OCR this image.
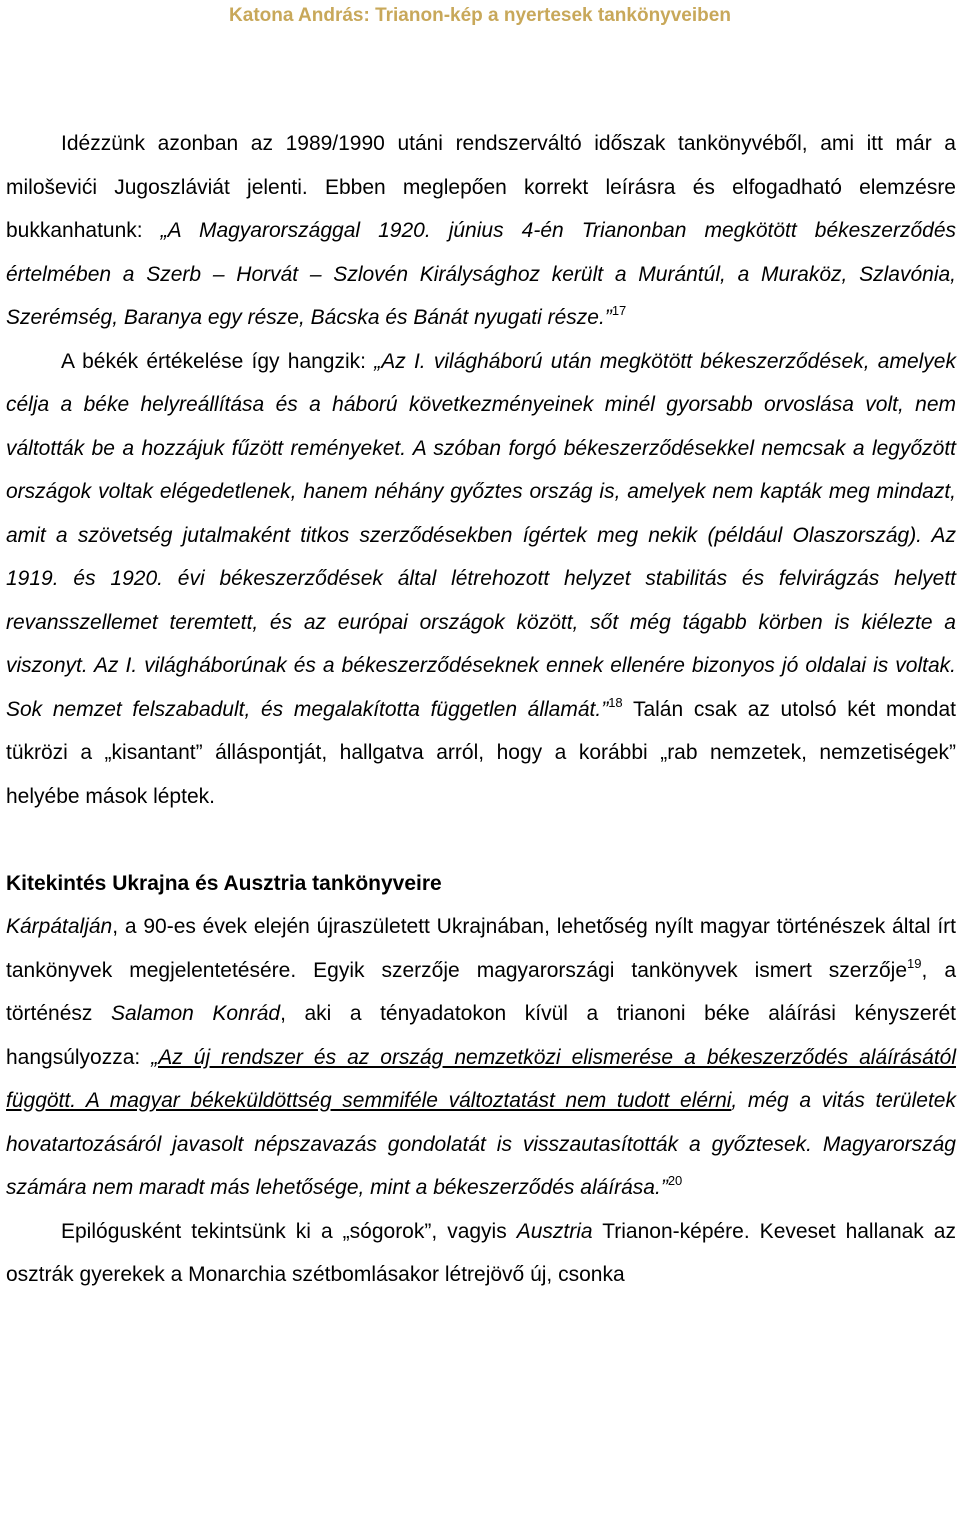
Katona András: Trianon-kép a nyertesek tankönyveiben

Idézzünk azonban az 1989/1990 utáni rendszerváltó időszak tankönyvéből, ami itt már a miloševići Jugoszláviát jelenti. Ebben meglepően korrekt leírásra és elfogadható elemzésre bukkanhatunk: „A Magyarországgal 1920. június 4-én Trianonban megkötött békeszerződés értelmében a Szerb – Horvát – Szlovén Királysághoz került a Murántúl, a Muraköz, Szlavónia, Szerémség, Baranya egy része, Bácska és Bánát nyugati része.”$^{17}$

A békék értékelése így hangzik: „Az I. világháború után megkötött békeszerződések, amelyek célja a béke helyreállítása és a háború következményeinek minél gyorsabb orvoslása volt, nem váltották be a hozzájuk fűzött reményeket. A szóban forgó békeszerződésekkel nemcsak a legyőzött országok voltak elégedetlenek, hanem néhány győztes ország is, amelyek nem kapták meg mindazt, amit a szövetség jutalmaként titkos szerződésekben ígértek meg nekik (például Olaszország). Az 1919. és 1920. évi békeszerződések által létrehozott helyzet stabilitás és felvirágzás helyett revansszellemet teremtett, és az európai országok között, sőt még tágabb körben is kiélezte a viszonyt. Az I. világháborúnak és a békeszerződéseknek ennek ellenére bizonyos jó oldalai is voltak. Sok nemzet felszabadult, és megalakította független államát.”$^{18}$ Talán csak az utolsó két mondat tükrözi a „kisantant” álláspontját, hallgatva arról, hogy a korábbi „rab nemzetek, nemzetiségek” helyébe mások léptek.

Kitekintés Ukrajna és Ausztria tankönyveire

Kárpátalján, a 90-es évek elején újraszületett Ukrajnában, lehetőség nyílt magyar történészek által írt tankönyvek megjelentetésére. Egyik szerzője magyarországi tankönyvek ismert szerzője$^{19}$, a történész Salamon Konrád, aki a tényadatokon kívül a trianoni béke aláírási kényszerét hangsúlyozza: „Az új rendszer és az ország nemzetközi elismerése a békeszerződés aláírásától függött. A magyar békeküldöttség semmiféle változtatást nem tudott elérni, még a vitás területek hovatartozásáról javasolt népszavazás gondolatát is visszautasították a győztesek. Magyarország számára nem maradt más lehetősége, mint a békeszerződés aláírása.”$^{20}$

Epilógusként tekintsünk ki a „sógorok”, vagyis Ausztria Trianon-képére. Keveset hallanak az osztrák gyerekek a Monarchia szétbomlásakor létrejövő új, csonka
